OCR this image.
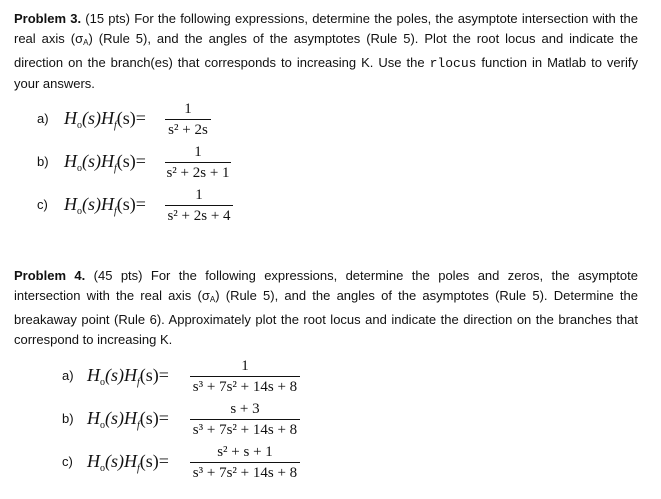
Problem 3. (15 pts) For the following expressions, determine the poles, the asymptote intersection with the real axis $(\sigma_A)$ (Rule 5), and the angles of the asymptotes (Rule 5). Plot the root locus and indicate the direction on the branch(es) that corresponds to increasing K. Use the rlocus function in Matlab to verify your answers.

a) $H_o(s)H_f(s)=$	1
s² + 2s
b) $H_o(s)H_f(s)=$	1
s² + 2s + 1
c) $H_o(s)H_f(s)=$	1
s² + 2s + 4

Problem 4. (45 pts) For the following expressions, determine the poles and zeros, the asymptote intersection with the real axis $(\sigma_A)$ (Rule 5), and the angles of the asymptotes (Rule 5). Determine the breakaway point (Rule 6). Approximately plot the root locus and indicate the direction on the branches that correspond to increasing K.

a) $H_o(s)H_f(s)=$	1
s³ + 7s² + 14s + 8
b) $H_o(s)H_f(s)=$	s + 3
s³ + 7s² + 14s + 8
c) $H_o(s)H_f(s)=$	s² + s + 1
s³ + 7s² + 14s + 8
